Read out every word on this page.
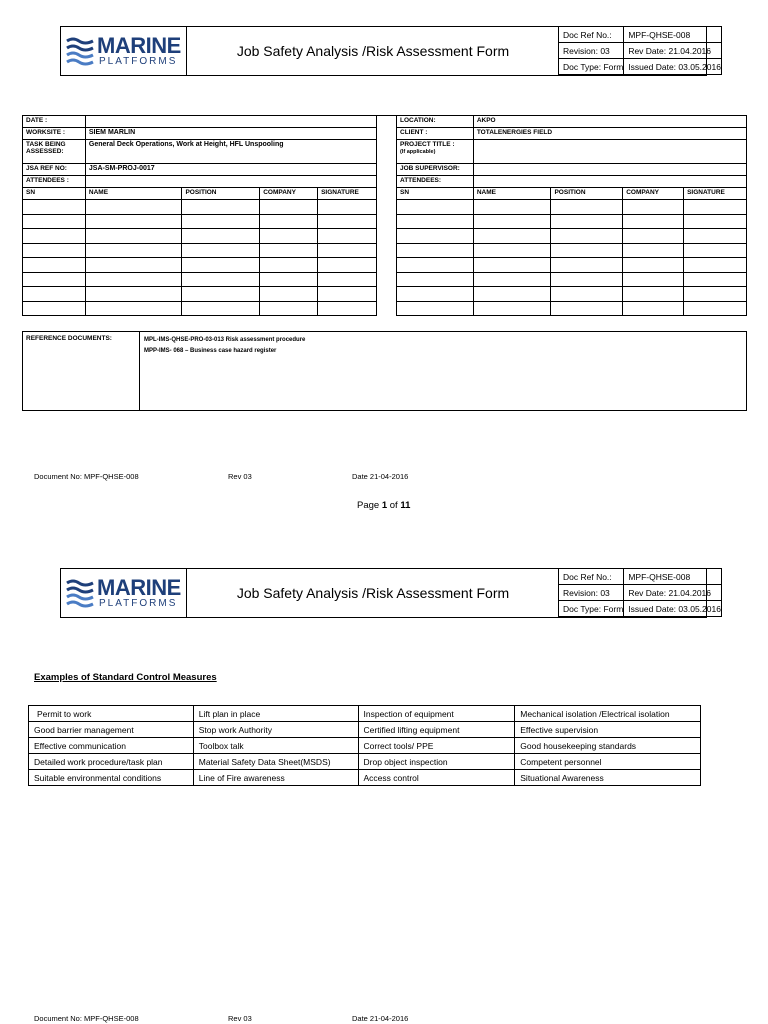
MARINE
PLATFORMS
Job Safety Analysis /Risk Assessment Form
Doc Ref No.:	MPF-QHSE-008
Revision: 03	Rev Date: 21.04.2016
Doc Type: Form	Issued Date: 03.05.2016
DATE :				
WORKSITE :	SIEM MARLIN			
TASK BEING ASSESSED:	General Deck Operations, Work at Height, HFL Unspooling			
JSA REF NO:	JSA-SM-PROJ-0017			
ATTENDEES :				
SN	NAME	POSITION	COMPANY	SIGNATURE

LOCATION:	AKPO			
CLIENT :	TOTALENERGIES FIELD			
PROJECT TITLE :
(If applicable)				
JOB SUPERVISOR:				
ATTENDEES:				
SN	NAME	POSITION	COMPANY	SIGNATURE

REFERENCE DOCUMENTS:	MPL-IMS-QHSE-PRO-03-013 Risk assessment procedure
MPP-IMS- 068 – Business case hazard register
Document No: MPF-QHSE-008	Rev 03	Date 21-04-2016
Page 1 of 11
MARINE
PLATFORMS
Job Safety Analysis /Risk Assessment Form
Doc Ref No.:	MPF-QHSE-008
Revision: 03	Rev Date: 21.04.2016
Doc Type: Form	Issued Date: 03.05.2016
Examples of Standard Control Measures
Permit to work	Lift plan in place	Inspection of equipment	Mechanical isolation /Electrical isolation
Good barrier management	Stop work Authority	Certified lifting equipment	Effective supervision
Effective communication	Toolbox talk	Correct tools/ PPE	Good housekeeping standards
Detailed work procedure/task plan	Material Safety Data Sheet(MSDS)	Drop object inspection	Competent personnel
Suitable environmental conditions	Line of Fire awareness	Access control	Situational Awareness
Document No: MPF-QHSE-008	Rev 03	Date 21-04-2016
